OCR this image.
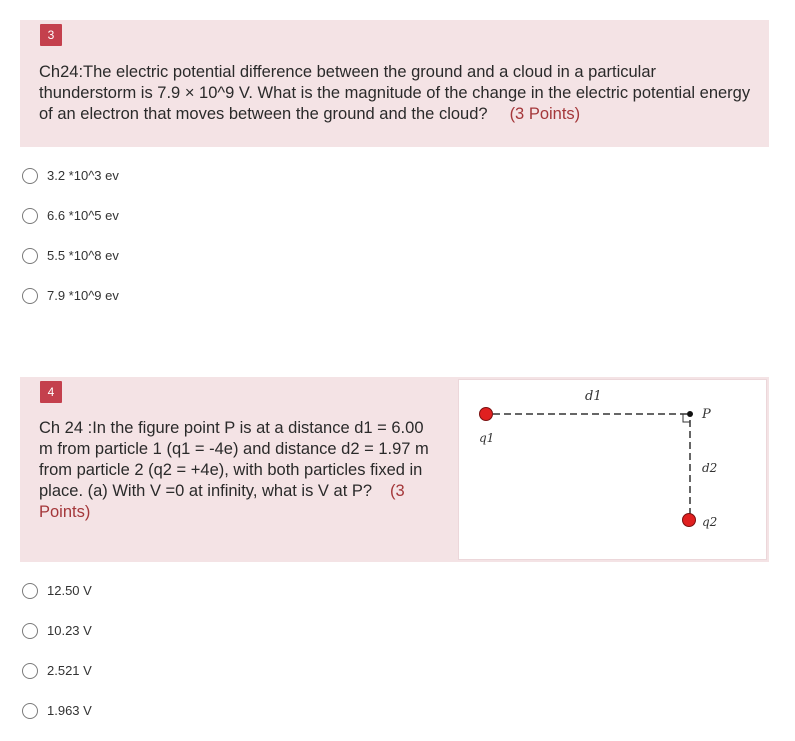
3
Ch24:The electric potential difference between the ground and a cloud in a particular thunderstorm is 7.9 × 10^9 V. What is the magnitude of the change in the electric potential energy of an electron that moves between the ground and the cloud? (3 Points)
3.2 *10^3 ev
6.6 *10^5 ev
5.5 *10^8 ev
7.9 *10^9 ev
4
Ch 24 :In the figure point P is at a distance d1 = 6.00 m from particle 1 (q1 = -4e) and distance d2 = 1.97 m from particle 2 (q2 = +4e), with both particles fixed in place. (a) With V =0 at infinity, what is V at P? (3 Points)
d1
P
q1
d2
q2
12.50 V
10.23 V
2.521 V
1.963 V
